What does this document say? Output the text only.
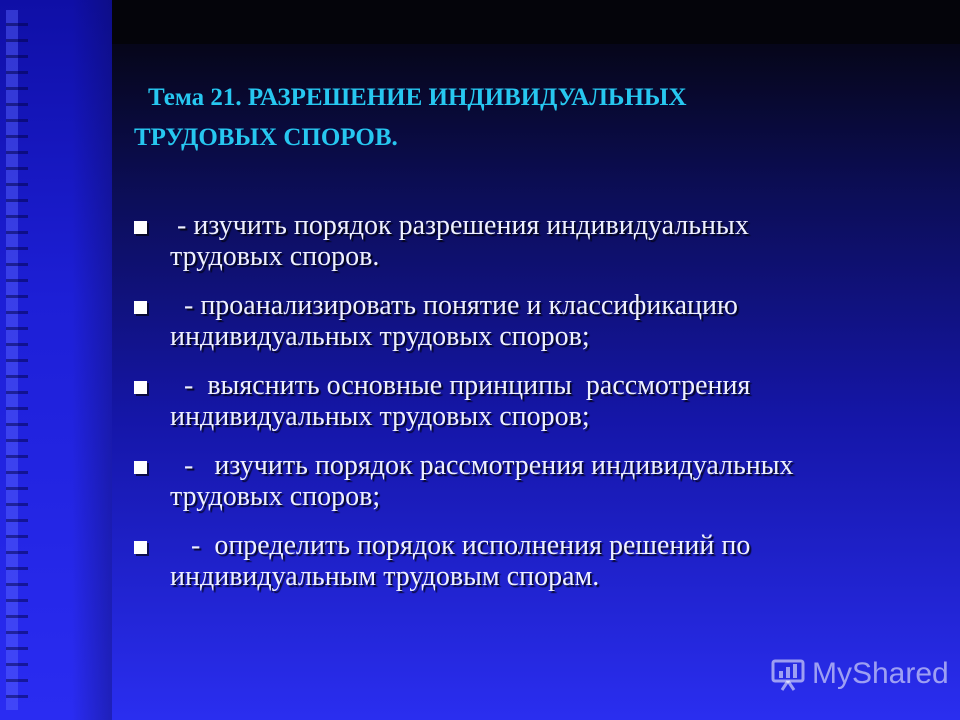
Тема 21. РАЗРЕШЕНИЕ ИНДИВИДУАЛЬНЫХ
ТРУДОВЫХ СПОРОВ.
- изучить порядок разрешения индивидуальных
трудовых споров.
- проанализировать понятие и классификацию
индивидуальных трудовых споров;
-  выяснить основные принципы  рассмотрения
индивидуальных трудовых споров;
-   изучить порядок рассмотрения индивидуальных
трудовых споров;
-  определить порядок исполнения решений по
индивидуальным трудовым спорам.
MyShared
